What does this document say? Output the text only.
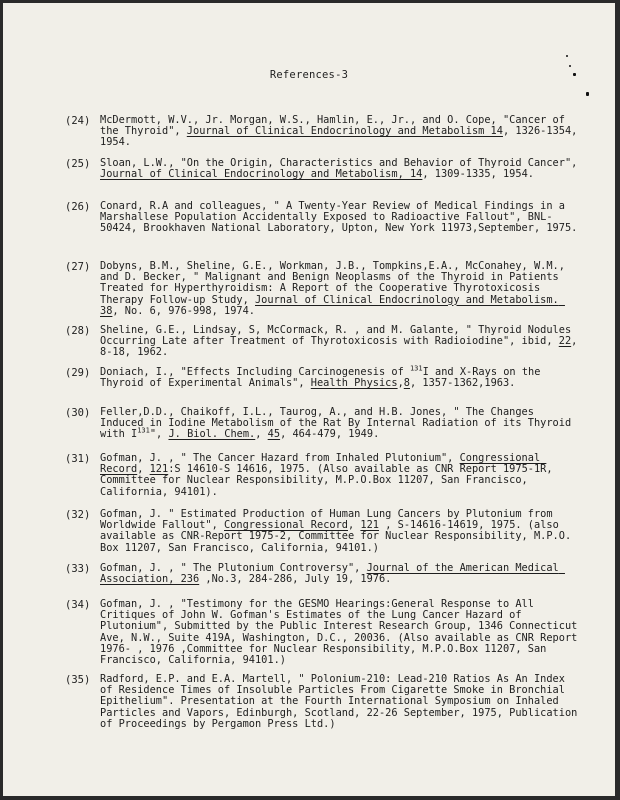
References-3
(24) McDermott, W.V., Jr. Morgan, W.S., Hamlin, E., Jr., and O. Cope, "Cancer of the Thyroid", Journal of Clinical Endocrinology and Metabolism 14, 1326-1354, 1954.
(25) Sloan, L.W., "On the Origin, Characteristics and Behavior of Thyroid Cancer", Journal of Clinical Endocrinology and Metabolism, 14, 1309-1335, 1954.
(26) Conard, R.A and colleagues, " A Twenty-Year Review of Medical Findings in a Marshallese Population Accidentally Exposed to Radioactive Fallout", BNL-50424, Brookhaven National Laboratory, Upton, New York 11973,September, 1975.
(27) Dobyns, B.M., Sheline, G.E., Workman, J.B., Tompkins,E.A., McConahey, W.M., and D. Becker, " Malignant and Benign Neoplasms of the Thyroid in Patients Treated for Hyperthyroidism: A Report of the Cooperative Thyrotoxicosis Therapy Follow-up Study, Journal of Clinical Endocrinology and Metabolism. 38, No. 6, 976-998, 1974.
(28) Sheline, G.E., Lindsay, S, McCormack, R. , and M. Galante, " Thyroid Nodules Occurring Late after Treatment of Thyrotoxicosis with Radioiodine", ibid, 22, 8-18, 1962.
(29) Doniach, I., "Effects Including Carcinogenesis of $^{131}$I and X-Rays on the Thyroid of Experimental Animals", Health Physics,8, 1357-1362,1963.
(30) Feller,D.D., Chaikoff, I.L., Taurog, A., and H.B. Jones, " The Changes Induced in Iodine Metabolism of the Rat By Internal Radiation of its Thyroid with $I^{131}$", J. Biol. Chem., 45, 464-479, 1949.
(31) Gofman, J. , " The Cancer Hazard from Inhaled Plutonium", Congressional Record, 121:S 14610-S 14616, 1975. (Also available as CNR Report 1975-1R, Committee for Nuclear Responsibility, M.P.O.Box 11207, San Francisco, California, 94101).
(32) Gofman, J. " Estimated Production of Human Lung Cancers by Plutonium from Worldwide Fallout", Congressional Record, 121 , S-14616-14619, 1975. (also available as CNR-Report 1975-2, Committee for Nuclear Responsibility, M.P.O. Box 11207, San Francisco, California, 94101.)
(33) Gofman, J. , " The Plutonium Controversy", Journal of the American Medical Association, 236 ,No.3, 284-286, July 19, 1976.
(34) Gofman, J. , "Testimony for the GESMO Hearings:General Response to All Critiques of John W. Gofman's Estimates of the Lung Cancer Hazard of Plutonium", Submitted by the Public Interest Research Group, 1346 Connecticut Ave, N.W., Suite 419A, Washington, D.C., 20036. (Also available as CNR Report 1976- , 1976 ,Committee for Nuclear Responsibility, M.P.O.Box 11207, San Francisco, California, 94101.)
(35) Radford, E.P. and E.A. Martell, " Polonium-210: Lead-210 Ratios As An Index of Residence Times of Insoluble Particles From Cigarette Smoke in Bronchial Epithelium". Presentation at the Fourth International Symposium on Inhaled Particles and Vapors, Edinburgh, Scotland, 22-26 September, 1975, Publication of Proceedings by Pergamon Press Ltd.)
